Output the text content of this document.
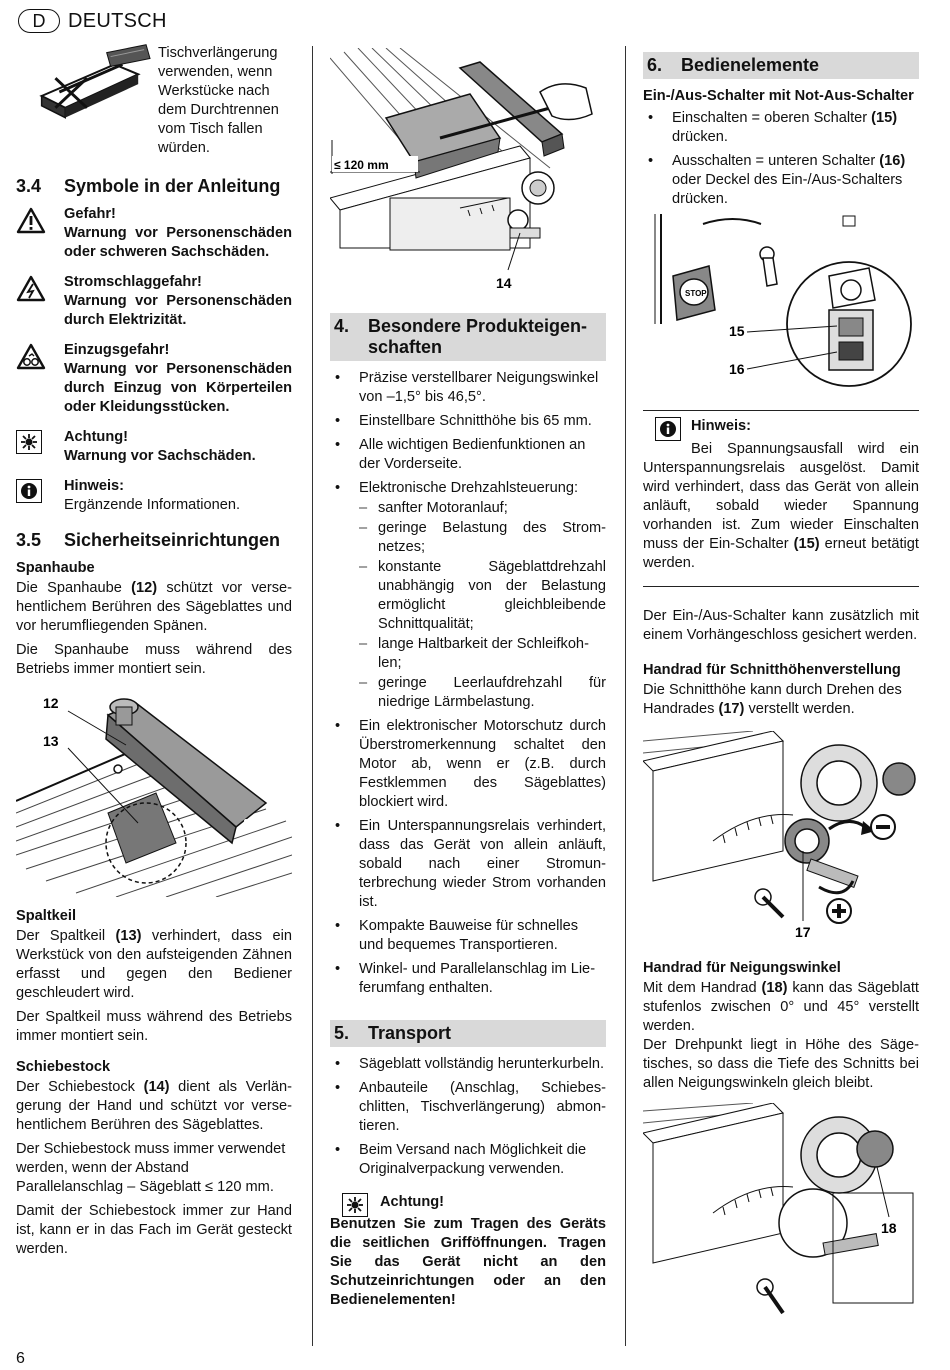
D	DEUTSCH

Tischverlängerung verwenden, wenn Werkstücke nach dem Durchtrennen vom Tisch fallen würden.

3.4	Symbole in der Anleitung
Gefahr!
Warnung vor Personenschäden oder schweren Sachschäden.
Stromschlaggefahr!
Warnung vor Personenschäden durch Elektrizität.
Einzugsgefahr!
Warnung vor Personenschäden durch Einzug von Körperteilen oder Kleidungsstücken.
Achtung!
Warnung vor Sachschäden.
Hinweis:
Ergänzende Informationen.
3.5	Sicherheitseinrichtungen
Spanhaube

Die Spanhaube (12) schützt vor versehentlichem Berühren des Sägeblattes und vor herumfliegenden Spänen.

Die Spanhaube muss während des Betriebs immer montiert sein.

12
13
Spaltkeil

Der Spaltkeil (13) verhindert, dass ein Werkstück von den aufsteigenden Zähnen erfasst und gegen den Bediener geschleudert wird.

Der Spaltkeil muss während des Betriebs immer montiert sein.

Schiebestock

Der Schiebestock (14) dient als Verlängerung der Hand und schützt vor versehentlichem Berühren des Sägeblattes.

Der Schiebestock muss immer verwendet werden, wenn der Abstand Parallelanschlag – Sägeblatt ≤ 120 mm.

Damit der Schiebestock immer zur Hand ist, kann er in das Fach im Gerät gesteckt werden.

≤ 120 mm
14
4.	Besondere Produkteigenschaften
• Präzise verstellbarer Neigungswinkel von –1,5° bis 46,5°.
• Einstellbare Schnitthöhe bis 65 mm.
• Alle wichtigen Bedienfunktionen an der Vorderseite.
• Elektronische Drehzahlsteuerung:
– sanfter Motoranlauf;
– geringe Belastung des Stromnetzes;
– konstante Sägeblattdrehzahl unabhängig von der Belastung ermöglicht gleichbleibende Schnittqualität;
– lange Haltbarkeit der Schleifkohlen;
– geringe Leerlaufdrehzahl für niedrige Lärmbelastung.
• Ein elektronischer Motorschutz durch Überstromerkennung schaltet den Motor ab, wenn er (z.B. durch Festklemmen des Sägeblattes) blockiert wird.
• Ein Unterspannungsrelais verhindert, dass das Gerät von allein anläuft, sobald nach einer Stromunterbrechung wieder Strom vorhanden ist.
• Kompakte Bauweise für schnelles und bequemes Transportieren.
• Winkel- und Parallelanschlag im Lieferumfang enthalten.
5.	Transport
• Sägeblatt vollständig herunterkurbeln.
• Anbauteile (Anschlag, Schiebeschlitten, Tischverlängerung) abmontieren.
• Beim Versand nach Möglichkeit die Originalverpackung verwenden.
Achtung!

Benutzen Sie zum Tragen des Geräts die seitlichen Grifföffnungen. Tragen Sie das Gerät nicht an den Schutzeinrichtungen oder an den Bedienelementen!

6.	Bedienelemente
Ein-/Aus-Schalter mit Not-Aus-Schalter
• Einschalten = oberen Schalter (15) drücken.
• Ausschalten = unteren Schalter (16) oder Deckel des Ein-/Aus-Schalters drücken.
STOP
15
16
Hinweis:

Bei Spannungsausfall wird ein Unterspannungsrelais ausgelöst. Damit wird verhindert, dass das Gerät von allein anläuft, sobald wieder Spannung vorhanden ist. Zum wieder Einschalten muss der Ein-Schalter (15) erneut betätigt werden.

Der Ein-/Aus-Schalter kann zusätzlich mit einem Vorhängeschloss gesichert werden.

Handrad für Schnitthöhenverstellung

Die Schnitthöhe kann durch Drehen des Handrades (17) verstellt werden.

17
Handrad für Neigungswinkel

Mit dem Handrad (18) kann das Sägeblatt stufenlos zwischen 0° und 45° verstellt werden.

Der Drehpunkt liegt in Höhe des Sägetisches, so dass die Tiefe des Schnitts bei allen Neigungswinkeln gleich bleibt.

18
6
